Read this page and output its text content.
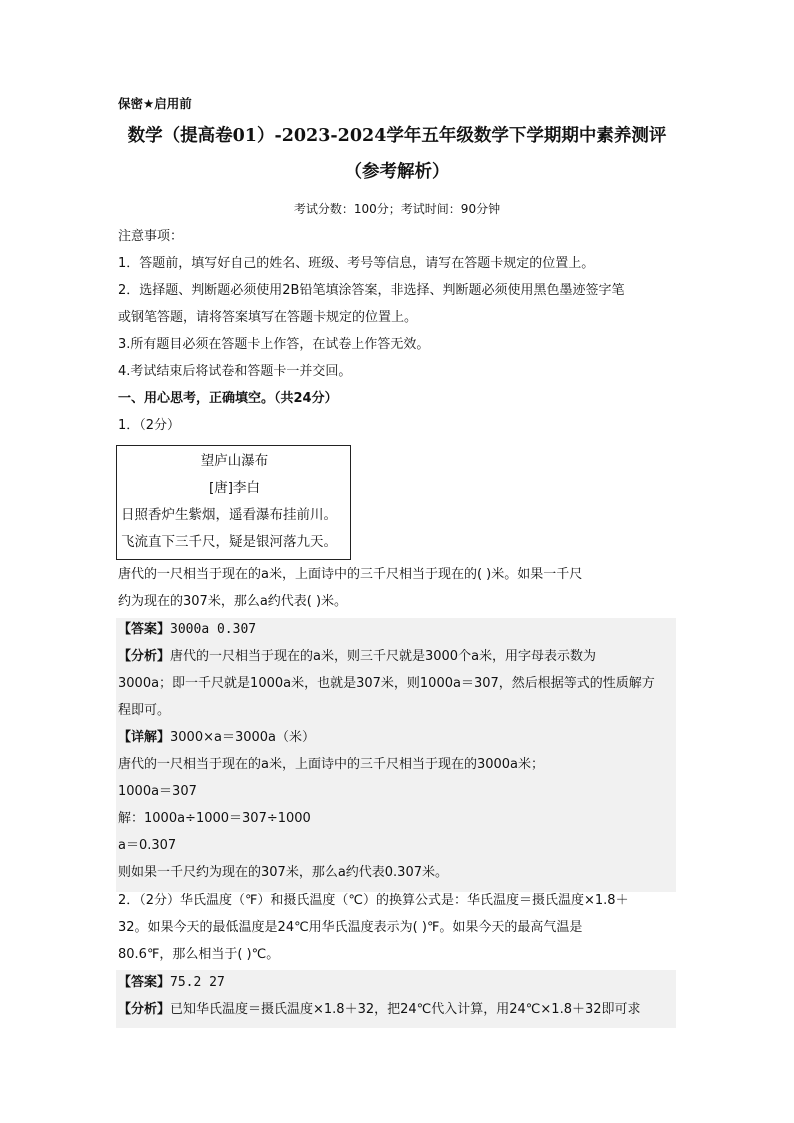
保密★启用前
数学（提高卷01）-2023-2024学年五年级数学下学期期中素养测评
（参考解析）
考试分数：100分；考试时间：90分钟
注意事项：
1．答题前，填写好自己的姓名、班级、考号等信息，请写在答题卡规定的位置上。
2．选择题、判断题必须使用2B铅笔填涂答案，非选择、判断题必须使用黑色墨迹签字笔
或钢笔答题，请将答案填写在答题卡规定的位置上。
3.所有题目必须在答题卡上作答，在试卷上作答无效。
4.考试结束后将试卷和答题卡一并交回。
一、用心思考，正确填空。（共24分）
1．（2分）
望庐山瀑布
[唐]李白
日照香炉生紫烟，遥看瀑布挂前川。
飞流直下三千尺，疑是银河落九天。
唐代的一尺相当于现在的a米，上面诗中的三千尺相当于现在的( )米。如果一千尺
约为现在的307米，那么a约代表( )米。
【答案】3000a 0.307
【分析】唐代的一尺相当于现在的a米，则三千尺就是3000个a米，用字母表示数为
3000a；即一千尺就是1000a米，也就是307米，则1000a＝307，然后根据等式的性质解方
程即可。
【详解】3000×a＝3000a（米）
唐代的一尺相当于现在的a米，上面诗中的三千尺相当于现在的3000a米；
1000a＝307
解：1000a÷1000＝307÷1000
a＝0.307
则如果一千尺约为现在的307米，那么a约代表0.307米。
2．（2分）华氏温度（℉）和摄氏温度（℃）的换算公式是：华氏温度＝摄氏温度×1.8＋
32。如果今天的最低温度是24℃用华氏温度表示为( )℉。如果今天的最高气温是
80.6℉，那么相当于( )℃。
【答案】75.2 27
【分析】已知华氏温度＝摄氏温度×1.8＋32，把24℃代入计算，用24℃×1.8＋32即可求
